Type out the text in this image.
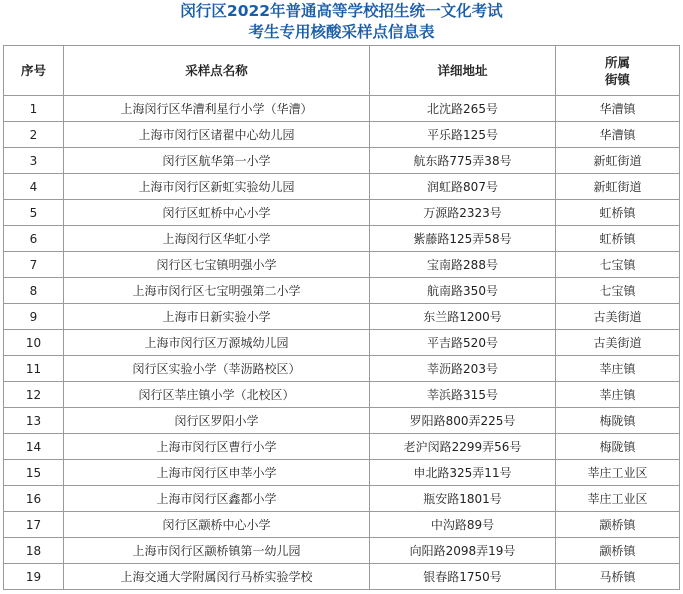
闵行区2022年普通高等学校招生统一文化考试
考生专用核酸采样点信息表
序号	采样点名称	详细地址	所属
街镇

1	上海闵行区华漕利星行小学（华漕）	北沈路265号	华漕镇
2	上海市闵行区诸翟中心幼儿园	平乐路125号	华漕镇
3	闵行区航华第一小学	航东路775弄38号	新虹街道
4	上海市闵行区新虹实验幼儿园	润虹路807号	新虹街道
5	闵行区虹桥中心小学	万源路2323号	虹桥镇
6	上海闵行区华虹小学	紫藤路125弄58号	虹桥镇
7	闵行区七宝镇明强小学	宝南路288号	七宝镇
8	上海市闵行区七宝明强第二小学	航南路350号	七宝镇
9	上海市日新实验小学	东兰路1200号	古美街道
10	上海市闵行区万源城幼儿园	平吉路520号	古美街道
11	闵行区实验小学（莘沥路校区）	莘沥路203号	莘庄镇
12	闵行区莘庄镇小学（北校区）	莘浜路315号	莘庄镇
13	闵行区罗阳小学	罗阳路800弄225号	梅陇镇
14	上海市闵行区曹行小学	老沪闵路2299弄56号	梅陇镇
15	上海市闵行区申莘小学	申北路325弄11号	莘庄工业区
16	上海市闵行区鑫都小学	瓶安路1801号	莘庄工业区
17	闵行区颛桥中心小学	中沟路89号	颛桥镇
18	上海市闵行区颛桥镇第一幼儿园	向阳路2098弄19号	颛桥镇
19	上海交通大学附属闵行马桥实验学校	银春路1750号	马桥镇
